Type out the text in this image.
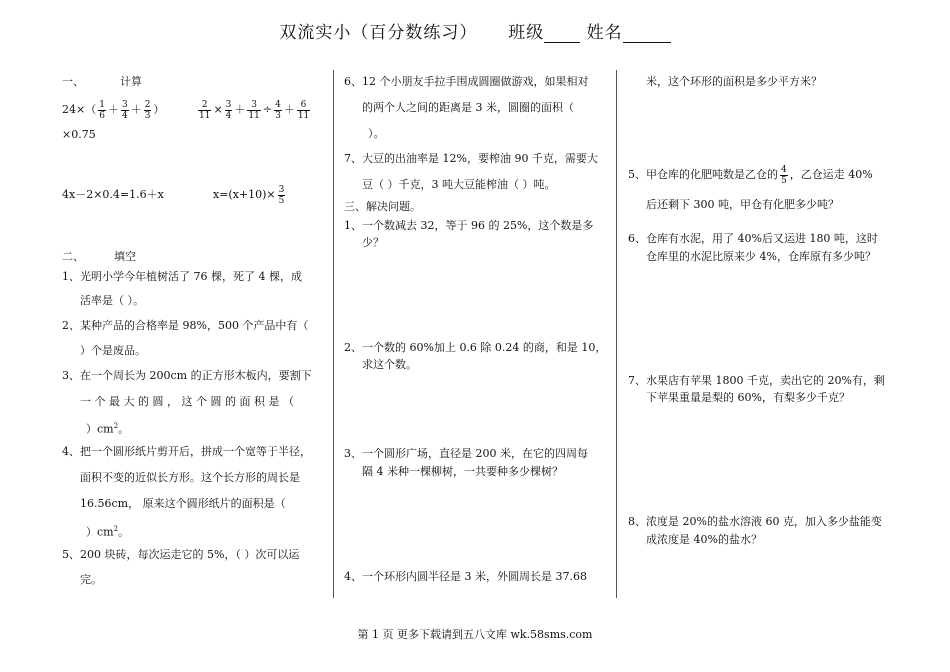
双流实小（百分数练习） 班级 姓名
一、	计算
$24\times( \frac{1}{6} + \frac{3}{4} + \frac{2}{3}$ ）
×0.75
$\frac{2}{11} \times \frac{3}{4} + \frac{3}{11} \div \frac{4}{3} + \frac{6}{11}$
4x－2×0.4=1.6＋x	$x=(x+10)\times \frac{3}{5}$
二、	填空
1、光明小学今年植树活了 76 棵，死了 4 棵，成
活率是（ ）。
2、某种产品的合格率是 98%，500 个产品中有（
）个是废品。
3、在一个周长为 200cm 的正方形木板内，要割下
一 个 最 大 的 圆 ， 这 个 圆 的 面 积 是 （
）$cm^2$。
4、把一个圆形纸片剪开后，拼成一个宽等于半径，
面积不变的近似长方形。这个长方形的周长是
16.56cm， 原来这个圆形纸片的面积是（
）$cm^2$。
5、200 块砖，每次运走它的 5%，（ ）次可以运
完。
6、12 个小朋友手拉手围成圆圈做游戏，如果相对
的两个人之间的距离是 3 米，圆圈的面积（
）。
7、大豆的出油率是 12%，要榨油 90 千克，需要大
豆（ ）千克，3 吨大豆能榨油（ ）吨。
三、解决问题。
1、一个数减去 32，等于 96 的 25%，这个数是多
少？
2、一个数的 60%加上 0.6 除 0.24 的商，和是 10，
求这个数。
3、一个圆形广场，直径是 200 米，在它的四周每
隔 4 米种一棵柳树，一共要种多少棵树？
4、一个环形内圆半径是 3 米，外圆周长是 37.68
米，这个环形的面积是多少平方米？
5、甲仓库的化肥吨数是乙仓的 $\frac{4}{5}$ ，乙仓运走 40%
后还剩下 300 吨，甲仓有化肥多少吨？
6、仓库有水泥，用了 40%后又运进 180 吨，这时
仓库里的水泥比原来少 4%，仓库原有多少吨？
7、水果店有苹果 1800 千克，卖出它的 20%有，剩
下苹果重量是梨的 60%，有梨多少千克？
8、浓度是 20%的盐水溶液 60 克，加入多少盐能变
成浓度是 40%的盐水？
第 1 页 更多下载请到五八文库 wk.58sms.com
